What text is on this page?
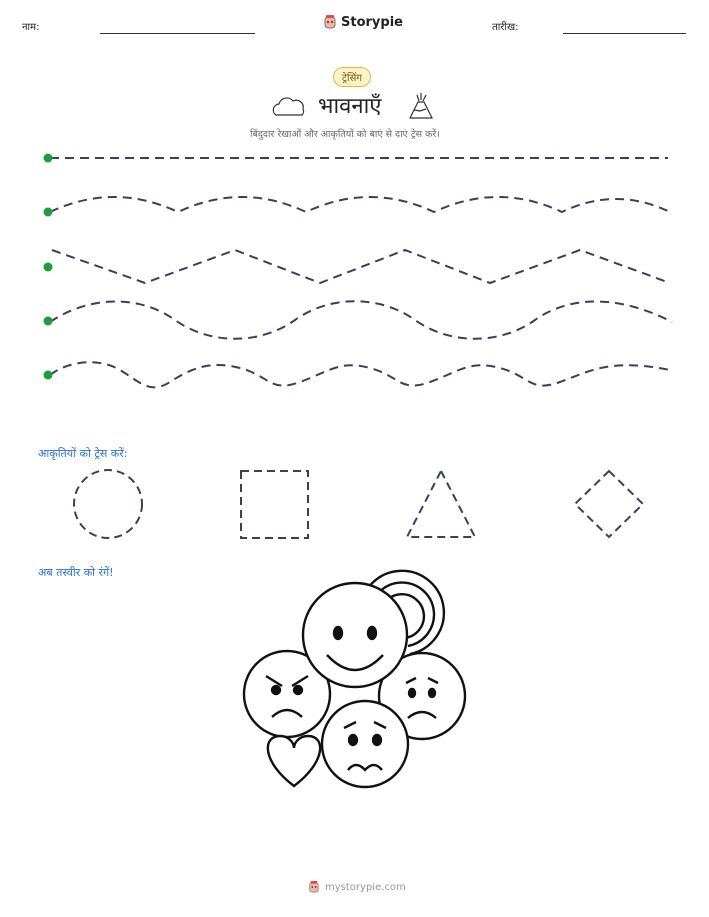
नाम:	Storypie	तारीख:
ट्रेसिंग
भावनाएँ
बिंदुदार रेखाओं और आकृतियों को बाएं से दाएं ट्रेस करें।
आकृतियों को ट्रेस करें:
अब तस्वीर को रंगें!
mystorypie.com
